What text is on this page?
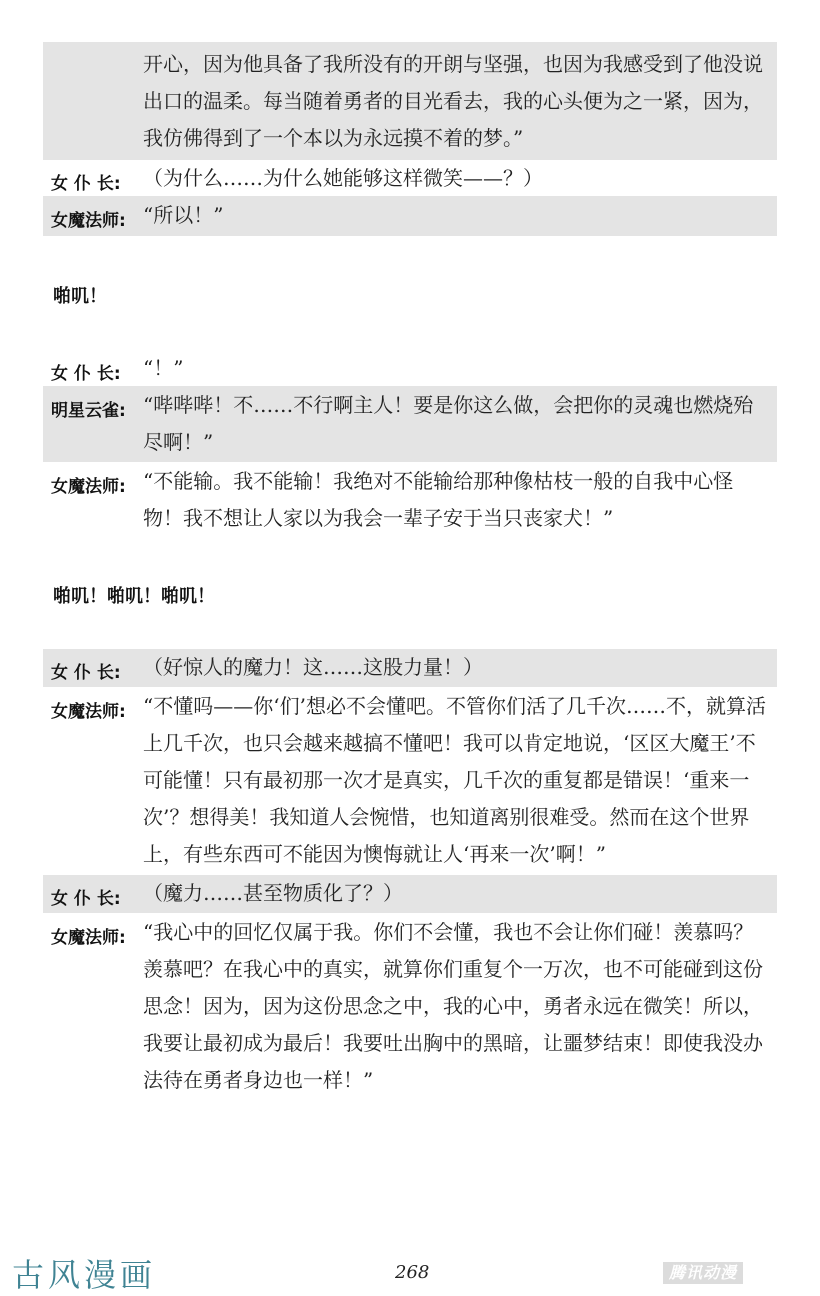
开心，因为他具备了我所没有的开朗与坚强，也因为我感受到了他没说出口的温柔。每当随着勇者的目光看去，我的心头便为之一紧，因为，我仿佛得到了一个本以为永远摸不着的梦。”
女 仆 长: （为什么……为什么她能够这样微笑——？）
女魔法师: “所以！”
啪叽！
女 仆 长: “！”
明星云雀: “哔哔哔！不……不行啊主人！要是你这么做，会把你的灵魂也燃烧殆尽啊！”
女魔法师: “不能输。我不能输！我绝对不能输给那种像枯枝一般的自我中心怪物！我不想让人家以为我会一辈子安于当只丧家犬！”
啪叽！啪叽！啪叽！
女 仆 长: （好惊人的魔力！这……这股力量！）
女魔法师: “不懂吗——你‘们’想必不会懂吧。不管你们活了几千次……不，就算活上几千次，也只会越来越搞不懂吧！我可以肯定地说，‘区区大魔王’不可能懂！只有最初那一次才是真实，几千次的重复都是错误！‘重来一次’？想得美！我知道人会惋惜，也知道离别很难受。然而在这个世界上，有些东西可不能因为懊悔就让人‘再来一次’啊！”
女 仆 长: （魔力……甚至物质化了？）
女魔法师: “我心中的回忆仅属于我。你们不会懂，我也不会让你们碰！羡慕吗？羡慕吧？在我心中的真实，就算你们重复个一万次，也不可能碰到这份思念！因为，因为这份思念之中，我的心中，勇者永远在微笑！所以，我要让最初成为最后！我要吐出胸中的黑暗，让噩梦结束！即使我没办法待在勇者身边也一样！”
古风漫画	268	腾讯动漫
